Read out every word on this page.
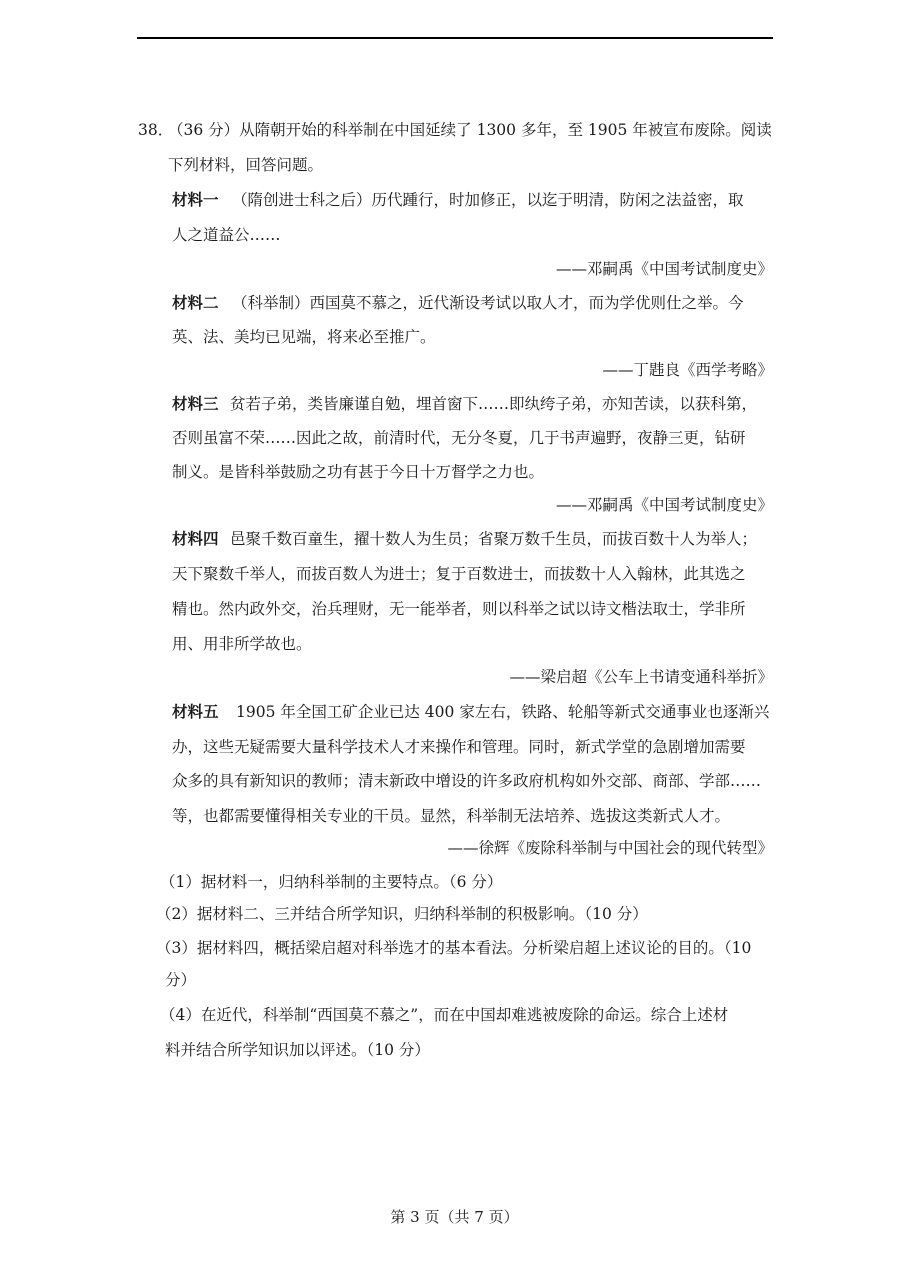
38．
（36 分）从隋朝开始的科举制在中国延续了 1300 多年，至 1905 年被宣布废除。阅读
下列材料，回答问题。
材料一 （隋创进士科之后）历代踵行，时加修正，以迄于明清，防闲之法益密，取
人之道益公……
——邓嗣禹《中国考试制度史》
材料二 （科举制）西国莫不慕之，近代渐设考试以取人才，而为学优则仕之举。今
英、法、美均已见端，将来必至推广。
——丁韪良《西学考略》
材料三 贫若子弟，类皆廉谨自勉，埋首窗下……即纨绔子弟，亦知苦读，以获科第，
否则虽富不荣……因此之故，前清时代，无分冬夏，几于书声遍野，夜静三更，钻研
制义。是皆科举鼓励之功有甚于今日十万督学之力也。
——邓嗣禹《中国考试制度史》
材料四 邑聚千数百童生，擢十数人为生员；省聚万数千生员，而拔百数十人为举人；
天下聚数千举人，而拔百数人为进士；复于百数进士，而拔数十人入翰林，此其选之
精也。然内政外交，治兵理财，无一能举者，则以科举之试以诗文楷法取士，学非所
用、用非所学故也。
——梁启超《公车上书请变通科举折》
材料五 1905 年全国工矿企业已达 400 家左右，铁路、轮船等新式交通事业也逐渐兴
办，这些无疑需要大量科学技术人才来操作和管理。同时，新式学堂的急剧增加需要
众多的具有新知识的教师；清末新政中增设的许多政府机构如外交部、商部、学部……
等，也都需要懂得相关专业的干员。显然，科举制无法培养、选拔这类新式人才。
——徐辉《废除科举制与中国社会的现代转型》
（1）据材料一，归纳科举制的主要特点。（6 分）
（2）据材料二、三并结合所学知识，归纳科举制的积极影响。（10 分）
（3）据材料四，概括梁启超对科举选才的基本看法。分析梁启超上述议论的目的。（10
分）
（4）在近代，科举制“西国莫不慕之”，而在中国却难逃被废除的命运。综合上述材
料并结合所学知识加以评述。（10 分）
第 3 页（共 7 页）
